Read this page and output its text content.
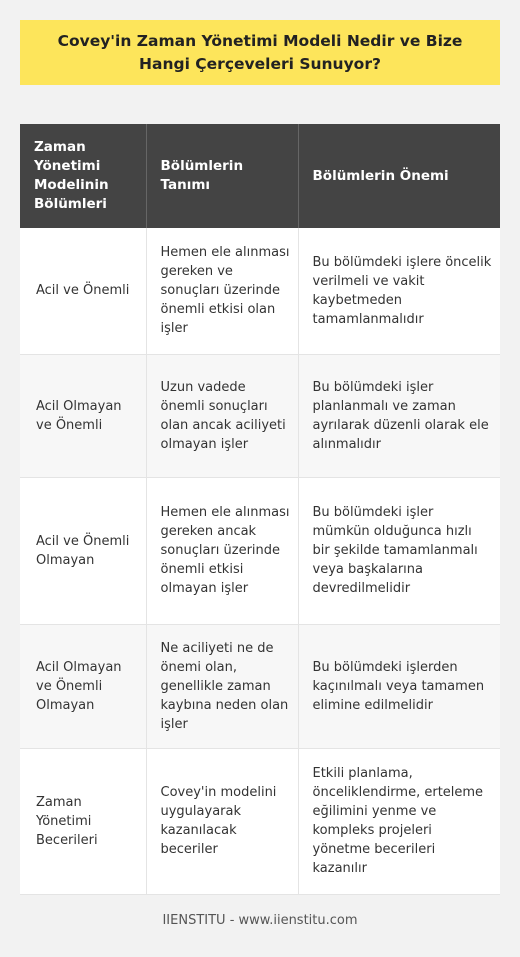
Covey'in Zaman Yönetimi Modeli Nedir ve Bize Hangi Çerçeveleri Sunuyor?
Zaman Yönetimi Modelinin Bölümleri	Bölümlerin Tanımı	Bölümlerin Önemi
Acil ve Önemli	Hemen ele alınması gereken ve sonuçları üzerinde önemli etkisi olan işler	Bu bölümdeki işlere öncelik verilmeli ve vakit kaybetmeden tamamlanmalıdır
Acil Olmayan ve Önemli	Uzun vadede önemli sonuçları olan ancak aciliyeti olmayan işler	Bu bölümdeki işler planlanmalı ve zaman ayrılarak düzenli olarak ele alınmalıdır
Acil ve Önemli Olmayan	Hemen ele alınması gereken ancak sonuçları üzerinde önemli etkisi olmayan işler	Bu bölümdeki işler mümkün olduğunca hızlı bir şekilde tamamlanmalı veya başkalarına devredilmelidir
Acil Olmayan ve Önemli Olmayan	Ne aciliyeti ne de önemi olan, genellikle zaman kaybına neden olan işler	Bu bölümdeki işlerden kaçınılmalı veya tamamen elimine edilmelidir
Zaman Yönetimi Becerileri	Covey'in modelini uygulayarak kazanılacak beceriler	Etkili planlama, önceliklendirme, erteleme eğilimini yenme ve kompleks projeleri yönetme becerileri kazanılır
IIENSTITU - www.iienstitu.com
